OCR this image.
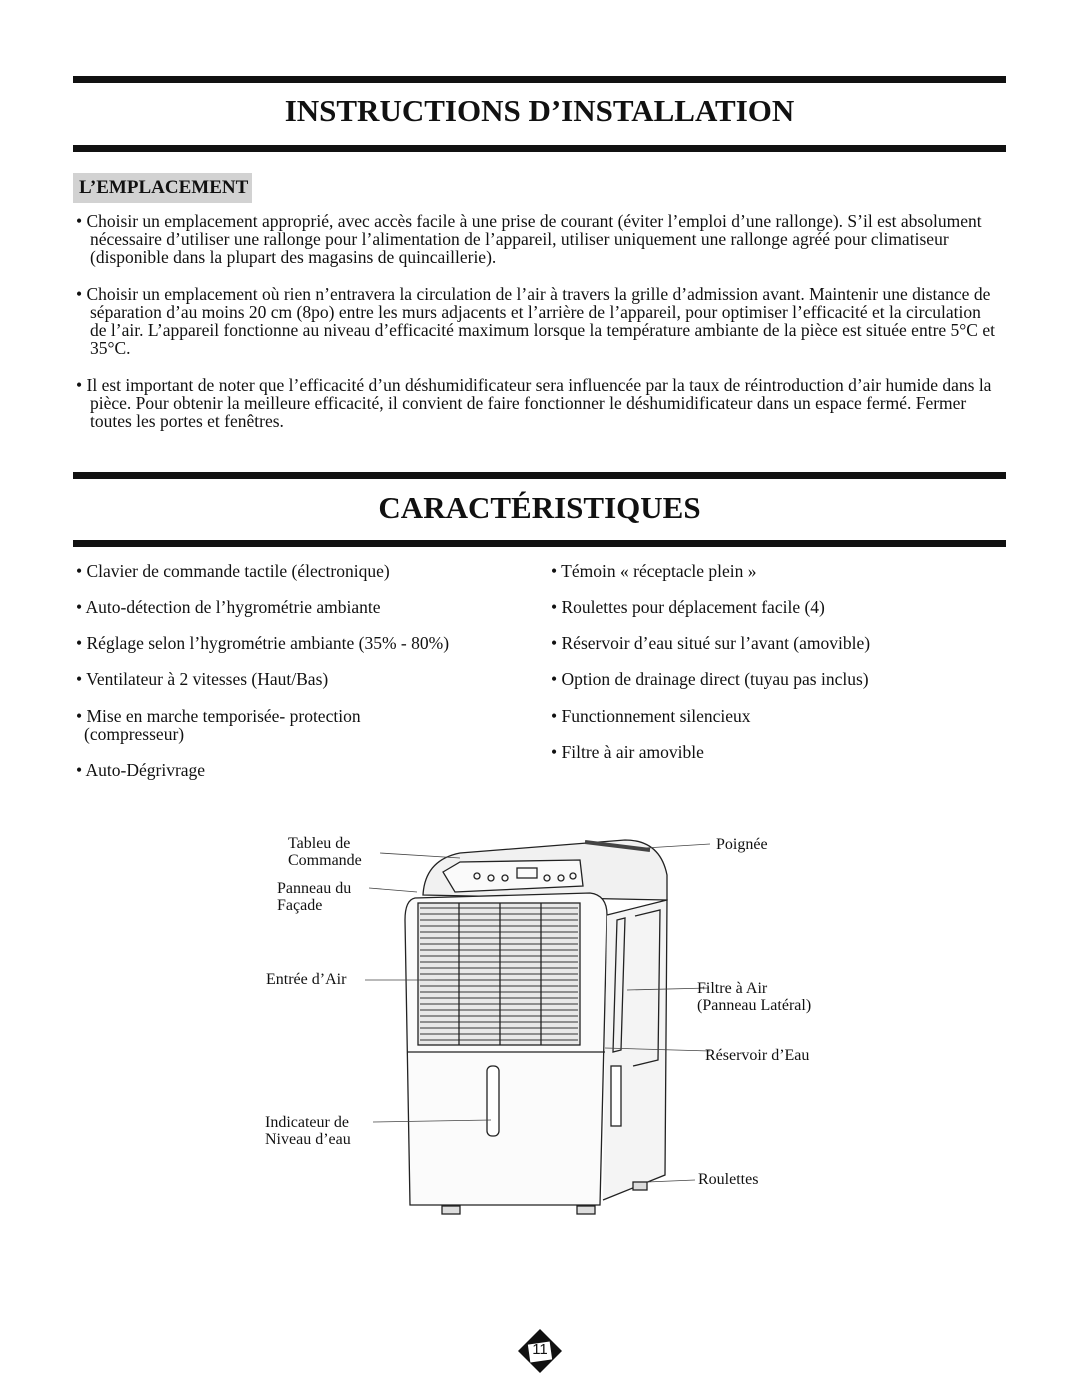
INSTRUCTIONS D’INSTALLATION
L’EMPLACEMENT

• Choisir un emplacement approprié, avec accès facile à une prise de courant (éviter l’emploi d’une rallonge). S’il est absolument nécessaire d’utiliser une rallonge pour l’alimentation de l’appareil, utiliser uniquement une rallonge agréé pour climatiseur (disponible dans la plupart des magasins de quincaillerie).

• Choisir un emplacement où rien n’entravera la circulation de l’air à travers la grille d’admission avant. Maintenir une distance de séparation d’au moins 20 cm (8po) entre les murs adjacents et l’arrière de l’appareil, pour optimiser l’efficacité et la circulation de l’air. L’appareil fonctionne au niveau d’efficacité maximum lorsque la température ambiante de la pièce est située entre 5°C et 35°C.

• Il est important de noter que l’efficacité d’un déshumidificateur sera influencée par la taux de réintroduction d’air humide dans la pièce. Pour obtenir la meilleure efficacité, il convient de faire fonctionner le déshumidificateur dans un espace fermé. Fermer toutes les portes et fenêtres.

CARACTÉRISTIQUES
• Clavier de commande tactile (électronique)
• Auto-détection de l’hygrométrie ambiante
• Réglage selon l’hygrométrie ambiante (35% - 80%)
• Ventilateur à 2 vitesses (Haut/Bas)
• Mise en marche temporisée- protection
(compresseur)
• Auto-Dégrivrage
• Témoin « réceptacle plein »
• Roulettes pour déplacement facile (4)
• Réservoir d’eau situé sur l’avant (amovible)
• Option de drainage direct (tuyau pas inclus)
• Functionnement silencieux
• Filtre à air amovible
Tableu de
Commande
Panneau du
Façade
Entrée d’Air
Indicateur de
Niveau d’eau
Poignée
Filtre à Air
(Panneau Latéral)
Réservoir d’Eau
Roulettes
11
